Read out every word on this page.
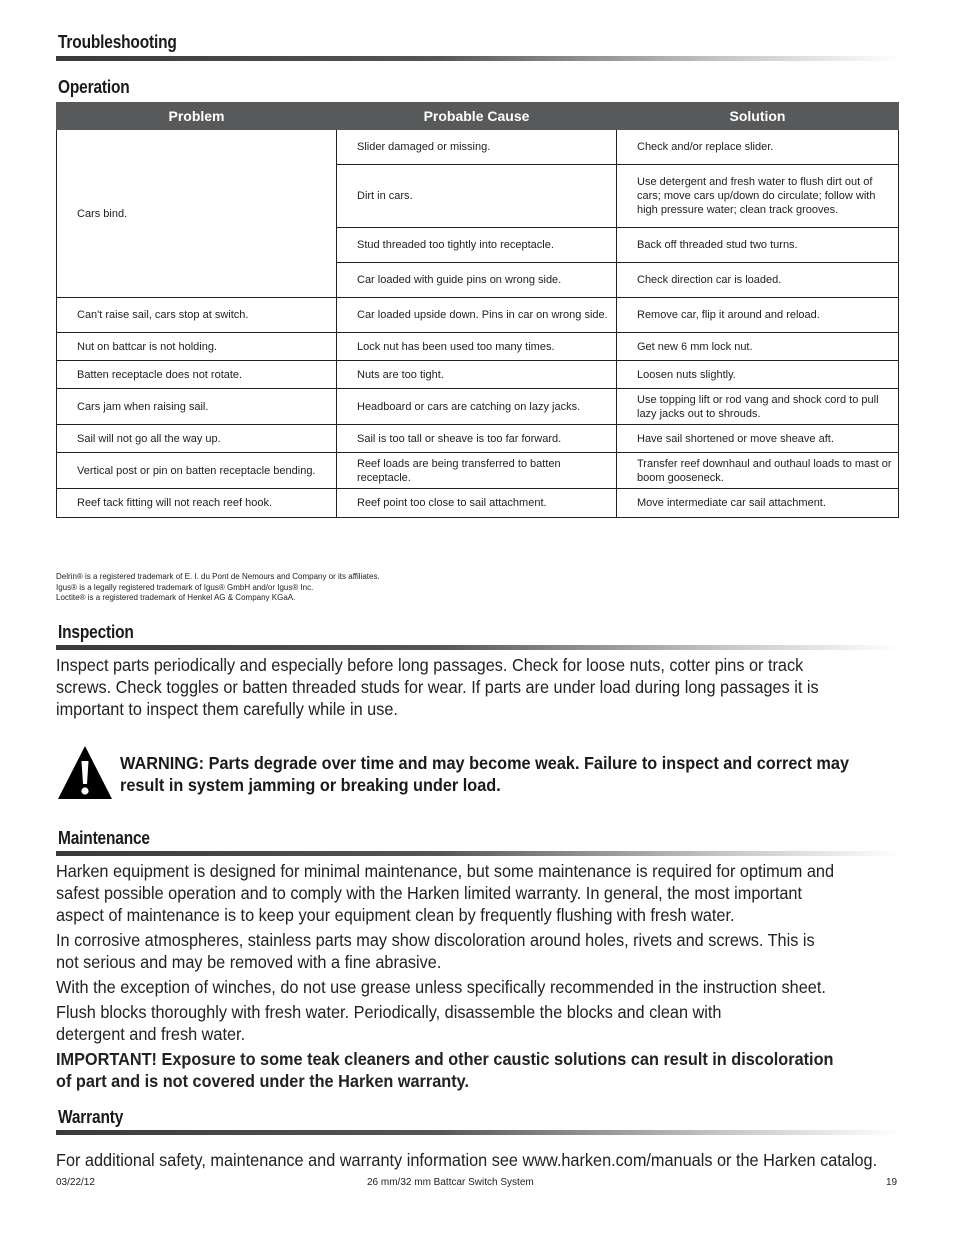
Troubleshooting
Operation
Problem	Probable Cause	Solution
Cars bind.	Slider damaged or missing.	Check and/or replace slider.
	Dirt in cars.	Use detergent and fresh water to flush dirt out of cars; move cars up/down do circulate; follow with high pressure water; clean track grooves.
	Stud threaded too tightly into receptacle.	Back off threaded stud two turns.
	Car loaded with guide pins on wrong side.	Check direction car is loaded.
Can't raise sail, cars stop at switch.	Car loaded upside down. Pins in car on wrong side.	Remove car, flip it around and reload.
Nut on battcar is not holding.	Lock nut has been used too many times.	Get new 6 mm lock nut.
Batten receptacle does not rotate.	Nuts are too tight.	Loosen nuts slightly.
Cars jam when raising sail.	Headboard or cars are catching on lazy jacks.	Use topping lift or rod vang and shock cord to pull lazy jacks out to shrouds.
Sail will not go all the way up.	Sail is too tall or sheave is too far forward.	Have sail shortened or move sheave aft.
Vertical post or pin on batten receptacle bending.	Reef loads are being transferred to batten receptacle.	Transfer reef downhaul and outhaul loads to mast or boom gooseneck.
Reef tack fitting will not reach reef hook.	Reef point too close to sail attachment.	Move intermediate car sail attachment.
Delrin® is a registered trademark of E. I. du Pont de Nemours and Company or its affiliates.
Igus® is a legally registered trademark of Igus® GmbH and/or Igus® Inc.
Loctite® is a registered trademark of Henkel AG & Company KGaA.
Inspection
Inspect parts periodically and especially before long passages. Check for loose nuts, cotter pins or track screws. Check toggles or batten threaded studs for wear. If parts are under load during long passages it is important to inspect them carefully while in use.
WARNING: Parts degrade over time and may become weak. Failure to inspect and correct may result in system jamming or breaking under load.
Maintenance
Harken equipment is designed for minimal maintenance, but some maintenance is required for optimum and safest possible operation and to comply with the Harken limited warranty. In general, the most important aspect of maintenance is to keep your equipment clean by frequently flushing with fresh water.
In corrosive atmospheres, stainless parts may show discoloration around holes, rivets and screws. This is not serious and may be removed with a fine abrasive.
With the exception of winches, do not use grease unless specifically recommended in the instruction sheet.
Flush blocks thoroughly with fresh water. Periodically, disassemble the blocks and clean with detergent and fresh water.
IMPORTANT! Exposure to some teak cleaners and other caustic solutions can result in discoloration of part and is not covered under the Harken warranty.
Warranty
For additional safety, maintenance and warranty information see www.harken.com/manuals or the Harken catalog.
03/22/12	26 mm/32 mm Battcar Switch System	19
